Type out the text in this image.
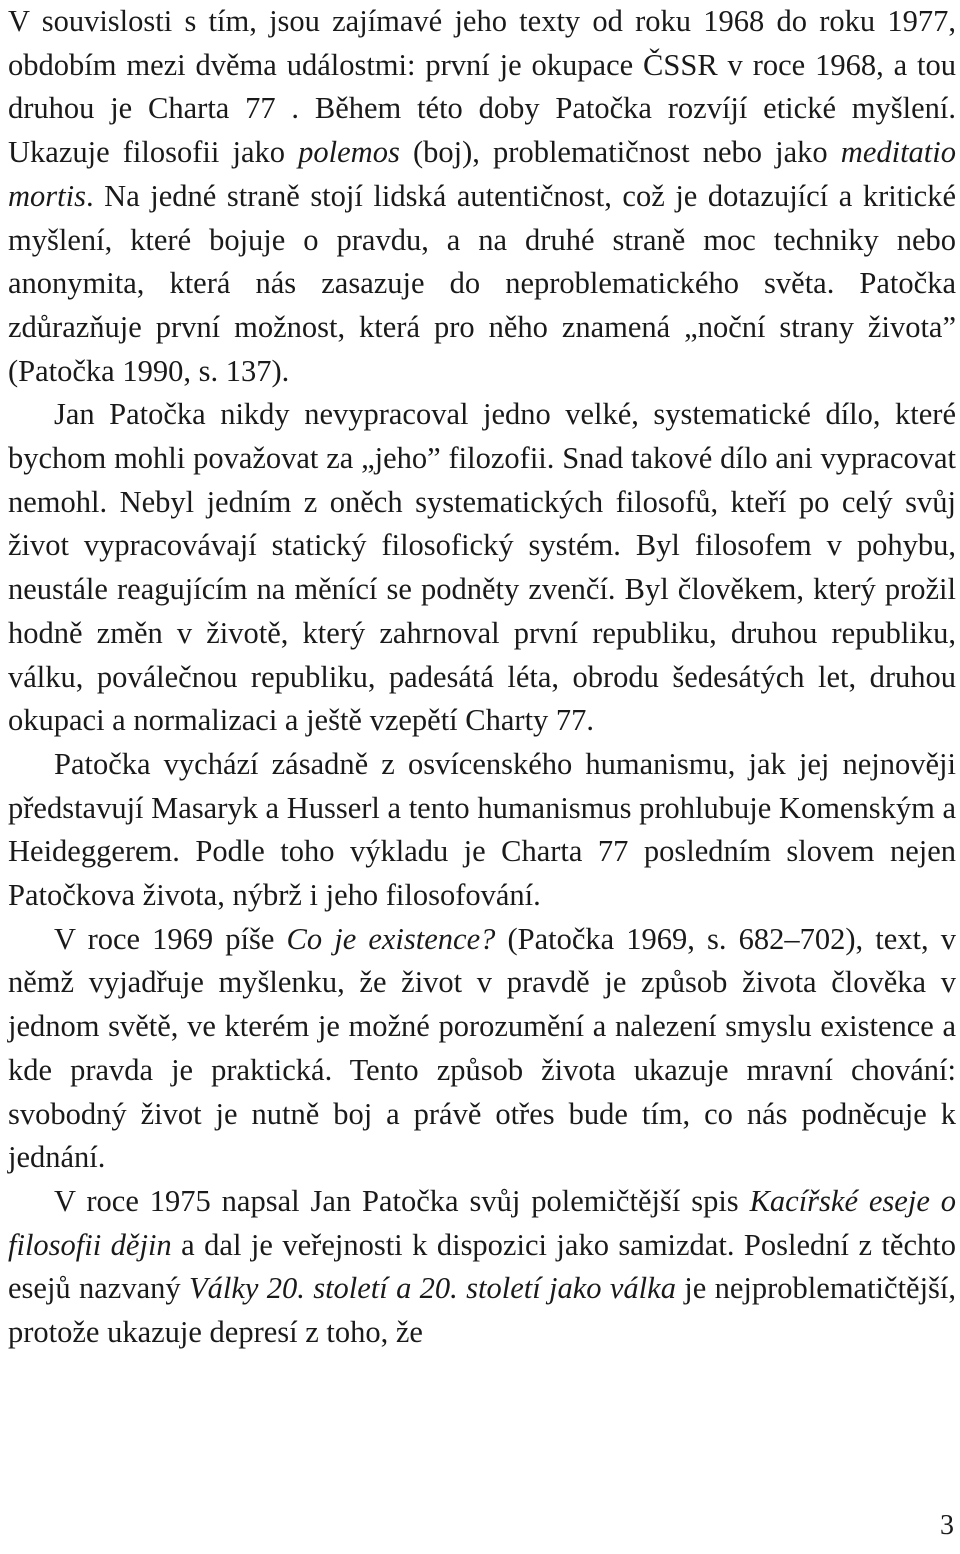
V souvislosti s tím, jsou zajímavé jeho texty od roku 1968 do roku 1977, obdobím mezi dvěma událostmi: první je okupace ČSSR v roce 1968, a tou druhou je Charta 77 . Během této doby Patočka rozvíjí etické myšlení. Ukazuje filosofii jako polemos (boj), problematičnost nebo jako meditatio mortis. Na jedné straně stojí lidská autentičnost, což je dotazující a kritické myšlení, které bojuje o pravdu, a na druhé straně moc techniky nebo anonymita, která nás zasazuje do neproblematického světa. Patočka zdůrazňuje první možnost, která pro něho znamená „noční strany života” (Patočka 1990, s. 137).

Jan Patočka nikdy nevypracoval jedno velké, systematické dílo, které bychom mohli považovat za „jeho” filozofii. Snad takové dílo ani vypracovat nemohl. Nebyl jedním z oněch systematických filosofů, kteří po celý svůj život vypracovávají statický filosofický systém. Byl filosofem v pohybu, neustále reagujícím na měnící se podněty zvenčí. Byl člověkem, který prožil hodně změn v životě, který zahrnoval první republiku, druhou republiku, válku, poválečnou republiku, padesátá léta, obrodu šedesátých let, druhou okupaci a normalizaci a ještě vzepětí Charty 77.

Patočka vychází zásadně z osvícenského humanismu, jak jej nejnověji představují Masaryk a Husserl a tento humanismus prohlubuje Komenským a Heideggerem. Podle toho výkladu je Charta 77 posledním slovem nejen Patočkova života, nýbrž i jeho filosofování.

V roce 1969 píše Co je existence? (Patočka 1969, s. 682–702), text, v němž vyjadřuje myšlenku, že život v pravdě je způsob života člověka v jednom světě, ve kterém je možné porozumění a nalezení smyslu existence a kde pravda je praktická. Tento způsob života ukazuje mravní chování: svobodný život je nutně boj a právě otřes bude tím, co nás podněcuje k jednání.

V roce 1975 napsal Jan Patočka svůj polemičtější spis Kacířské eseje o filosofii dějin a dal je veřejnosti k dispozici jako samizdat. Poslední z těchto esejů nazvaný Války 20. století a 20. století jako válka je nejproblematičtější, protože ukazuje depresí z toho, že

3
